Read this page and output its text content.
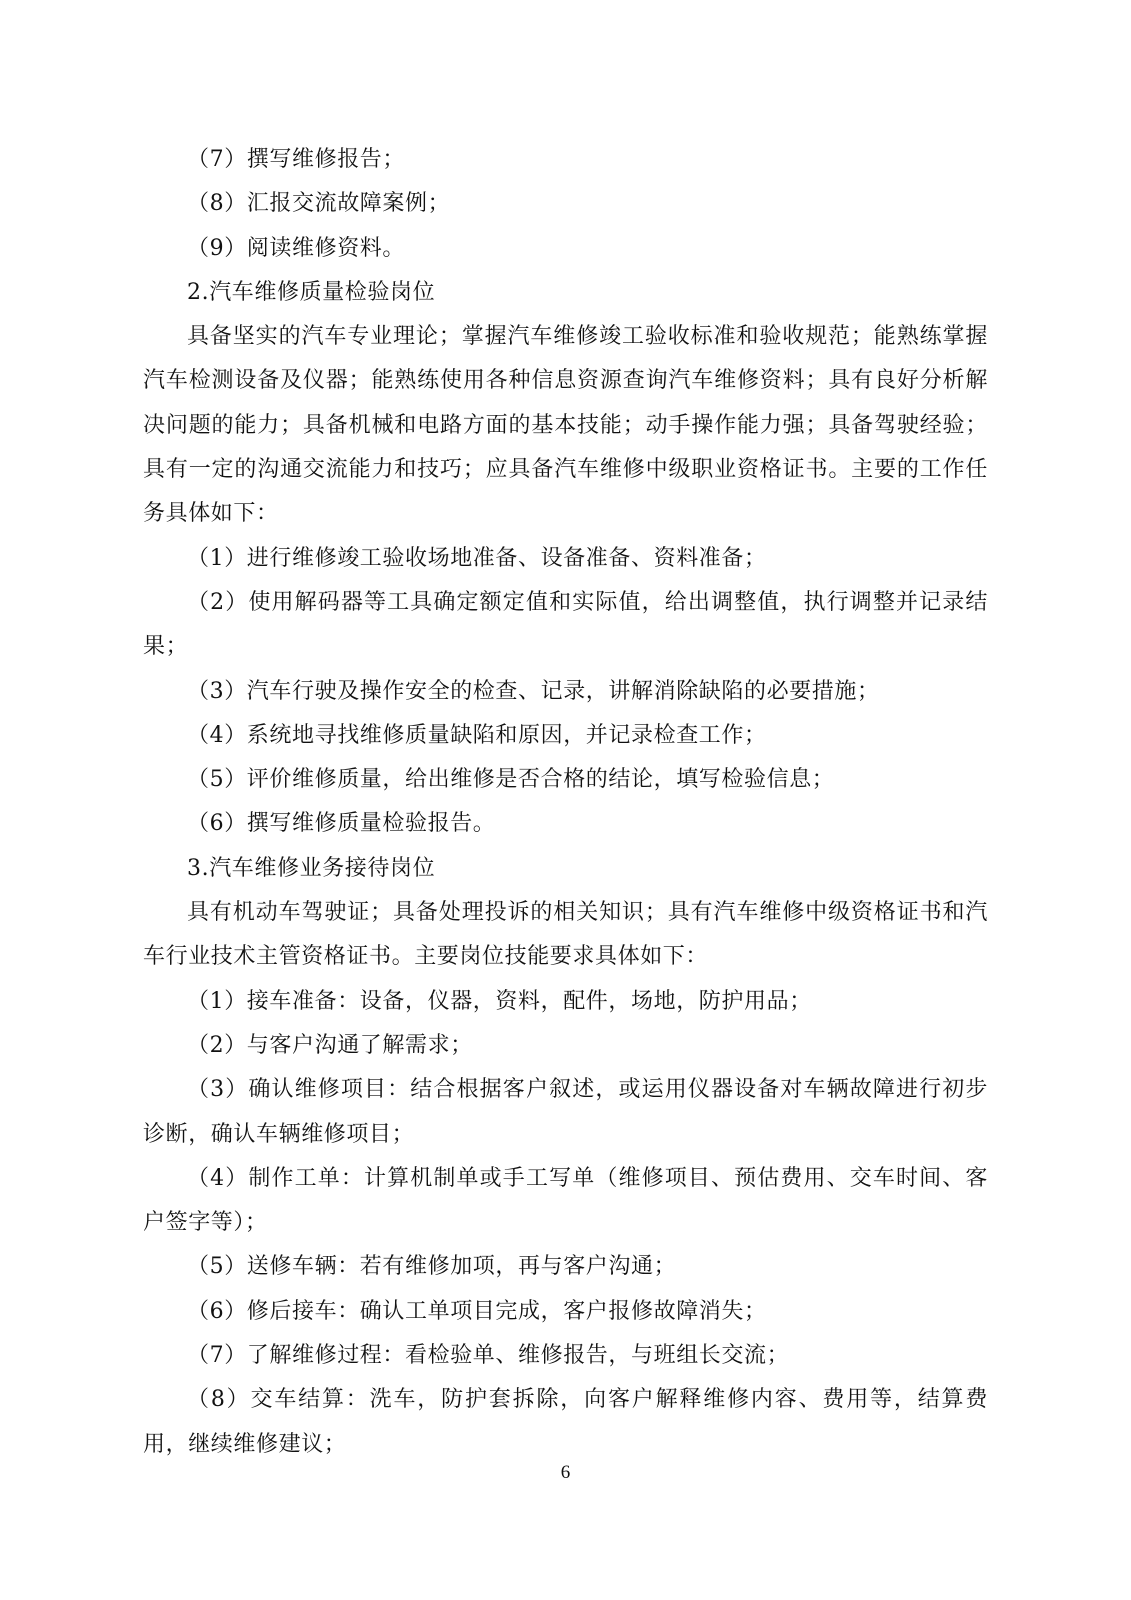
（7）撰写维修报告；

（8）汇报交流故障案例；

（9）阅读维修资料。

2.汽车维修质量检验岗位

具备坚实的汽车专业理论；掌握汽车维修竣工验收标准和验收规范；能熟练掌握汽车检测设备及仪器；能熟练使用各种信息资源查询汽车维修资料；具有良好分析解决问题的能力；具备机械和电路方面的基本技能；动手操作能力强；具备驾驶经验；具有一定的沟通交流能力和技巧；应具备汽车维修中级职业资格证书。主要的工作任务具体如下：

（1）进行维修竣工验收场地准备、设备准备、资料准备；

（2）使用解码器等工具确定额定值和实际值，给出调整值，执行调整并记录结果；

（3）汽车行驶及操作安全的检查、记录，讲解消除缺陷的必要措施；

（4）系统地寻找维修质量缺陷和原因，并记录检查工作；

（5）评价维修质量，给出维修是否合格的结论，填写检验信息；

（6）撰写维修质量检验报告。

3.汽车维修业务接待岗位

具有机动车驾驶证；具备处理投诉的相关知识；具有汽车维修中级资格证书和汽车行业技术主管资格证书。主要岗位技能要求具体如下：

（1）接车准备：设备，仪器，资料，配件，场地，防护用品；

（2）与客户沟通了解需求；

（3）确认维修项目：结合根据客户叙述，或运用仪器设备对车辆故障进行初步诊断，确认车辆维修项目；

（4）制作工单：计算机制单或手工写单（维修项目、预估费用、交车时间、客户签字等）；

（5）送修车辆：若有维修加项，再与客户沟通；

（6）修后接车：确认工单项目完成，客户报修故障消失；

（7）了解维修过程：看检验单、维修报告，与班组长交流；

（8）交车结算：洗车，防护套拆除，向客户解释维修内容、费用等，结算费用，继续维修建议；

6
